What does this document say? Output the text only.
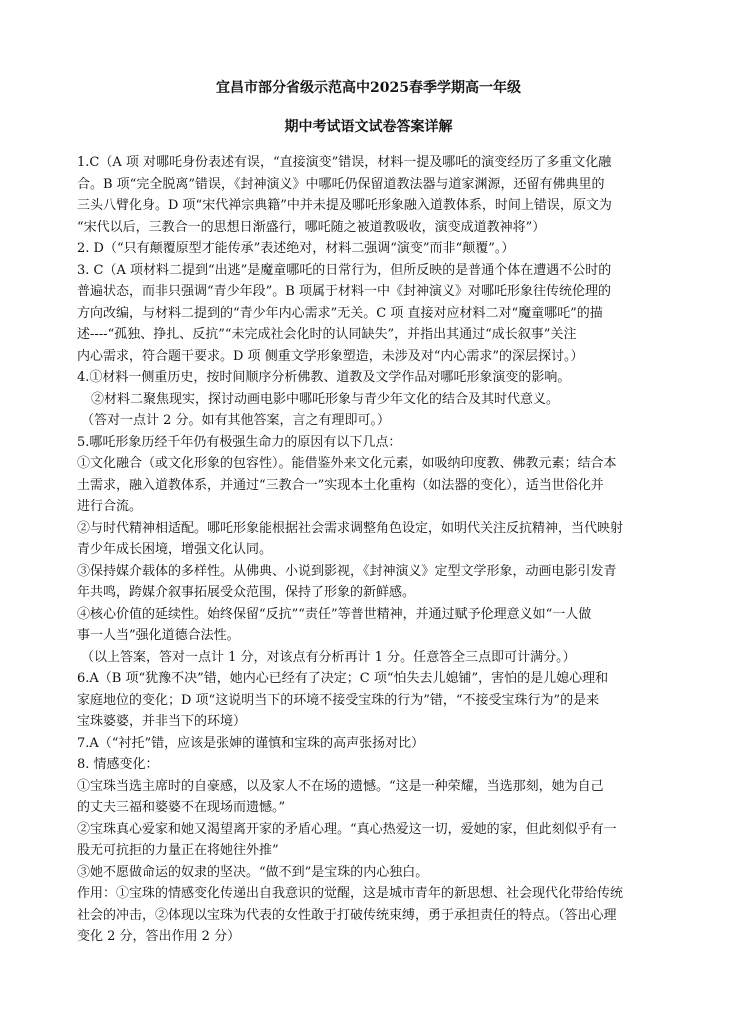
宜昌市部分省级示范高中2025春季学期高一年级
期中考试语文试卷答案详解
1.C（A 项 对哪吒身份表述有误，“直接演变”错误，材料一提及哪吒的演变经历了多重文化融
合。B 项“完全脱离”错误，《封神演义》中哪吒仍保留道教法器与道家渊源，还留有佛典里的
三头八臂化身。D 项“宋代禅宗典籍”中并未提及哪吒形象融入道教体系，时间上错误，原文为
“宋代以后，三教合一的思想日渐盛行，哪吒随之被道教吸收，演变成道教神将”）
2. D（“只有颠覆原型才能传承”表述绝对，材料二强调“演变”而非“颠覆”。）
3. C（A 项材料二提到“出逃”是魔童哪吒的日常行为，但所反映的是普通个体在遭遇不公时的
普遍状态，而非只强调“青少年段”。B 项属于材料一中《封神演义》对哪吒形象往传统伦理的
方向改编，与材料二提到的“青少年内心需求”无关。C 项 直接对应材料二对“魔童哪吒”的描
述----“孤独、挣扎、反抗”“未完成社会化时的认同缺失”，并指出其通过“成长叙事”关注
内心需求，符合题干要求。D 项 侧重文学形象塑造，未涉及对“内心需求”的深层探讨。）
4.①材料一侧重历史，按时间顺序分析佛教、道教及文学作品对哪吒形象演变的影响。
②材料二聚焦现实，探讨动画电影中哪吒形象与青少年文化的结合及其时代意义。
（答对一点计 2 分。如有其他答案，言之有理即可。）
5.哪吒形象历经千年仍有极强生命力的原因有以下几点：
①文化融合（或文化形象的包容性）。能借鉴外来文化元素，如吸纳印度教、佛教元素；结合本
土需求，融入道教体系，并通过“三教合一”实现本土化重构（如法器的变化），适当世俗化并
进行合流。
②与时代精神相适配。哪吒形象能根据社会需求调整角色设定，如明代关注反抗精神，当代映射
青少年成长困境，增强文化认同。
③保持媒介载体的多样性。从佛典、小说到影视，《封神演义》定型文学形象，动画电影引发青
年共鸣，跨媒介叙事拓展受众范围，保持了形象的新鲜感。
④核心价值的延续性。始终保留“反抗”“责任”等普世精神，并通过赋予伦理意义如“一人做
事一人当”强化道德合法性。
（以上答案，答对一点计 1 分，对该点有分析再计 1 分。任意答全三点即可计满分。）
6.A（B 项“犹豫不决”错，她内心已经有了决定；C 项“怕失去儿媳铺”，害怕的是儿媳心理和
家庭地位的变化；D 项“这说明当下的环境不接受宝珠的行为”错，“不接受宝珠行为”的是来
宝珠婆婆，并非当下的环境）
7.A（“衬托”错，应该是张婶的谨慎和宝珠的高声张扬对比）
8. 情感变化：
①宝珠当选主席时的自豪感，以及家人不在场的遗憾。“这是一种荣耀，当选那刻，她为自己
的丈夫三福和婆婆不在现场而遗憾。”
②宝珠真心爱家和她又渴望离开家的矛盾心理。“真心热爱这一切，爱她的家，但此刻似乎有一
股无可抗拒的力量正在将她往外推”
③她不愿做命运的奴隶的坚决。“做不到”是宝珠的内心独白。
作用：①宝珠的情感变化传递出自我意识的觉醒，这是城市青年的新思想、社会现代化带给传统
社会的冲击，②体现以宝珠为代表的女性敢于打破传统束缚，勇于承担责任的特点。（答出心理
变化 2 分，答出作用 2 分）
